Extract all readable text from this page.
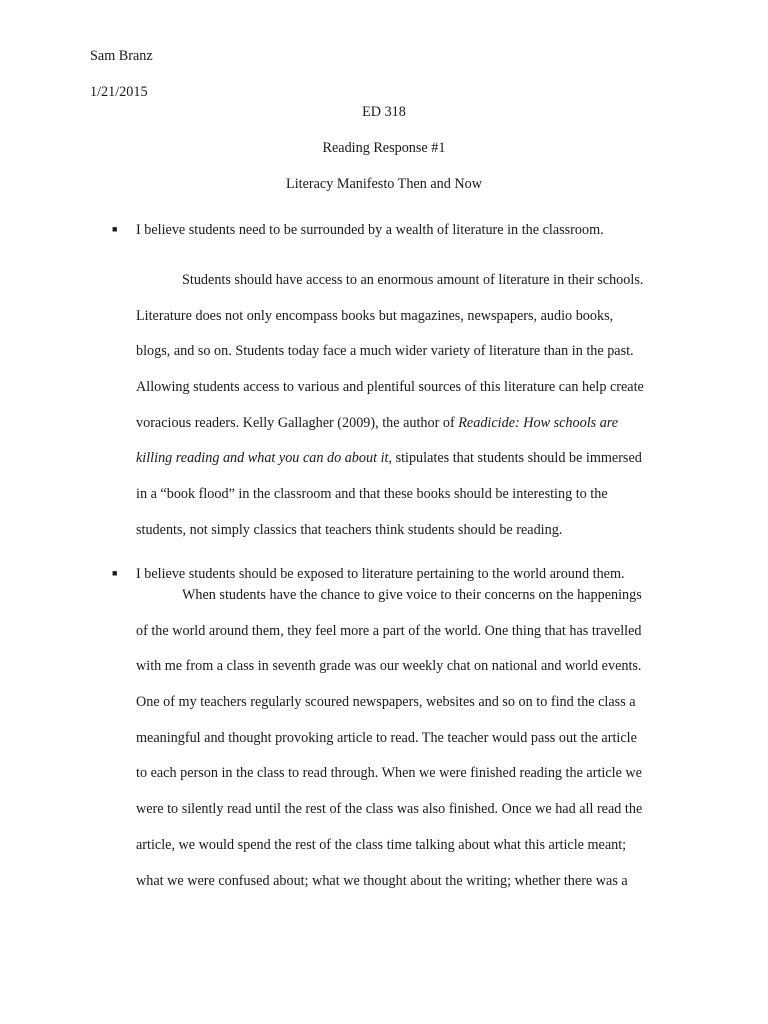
Sam Branz
1/21/2015
ED 318
Reading Response #1
Literacy Manifesto Then and Now
■ I believe students need to be surrounded by a wealth of literature in the classroom.
Students should have access to an enormous amount of literature in their schools.
Literature does not only encompass books but magazines, newspapers, audio books,
blogs, and so on. Students today face a much wider variety of literature than in the past.
Allowing students access to various and plentiful sources of this literature can help create
voracious readers. Kelly Gallagher (2009), the author of Readicide: How schools are
killing reading and what you can do about it, stipulates that students should be immersed
in a “book flood” in the classroom and that these books should be interesting to the
students, not simply classics that teachers think students should be reading.
■ I believe students should be exposed to literature pertaining to the world around them.
When students have the chance to give voice to their concerns on the happenings
of the world around them, they feel more a part of the world. One thing that has travelled
with me from a class in seventh grade was our weekly chat on national and world events.
One of my teachers regularly scoured newspapers, websites and so on to find the class a
meaningful and thought provoking article to read. The teacher would pass out the article
to each person in the class to read through. When we were finished reading the article we
were to silently read until the rest of the class was also finished. Once we had all read the
article, we would spend the rest of the class time talking about what this article meant;
what we were confused about; what we thought about the writing; whether there was a
